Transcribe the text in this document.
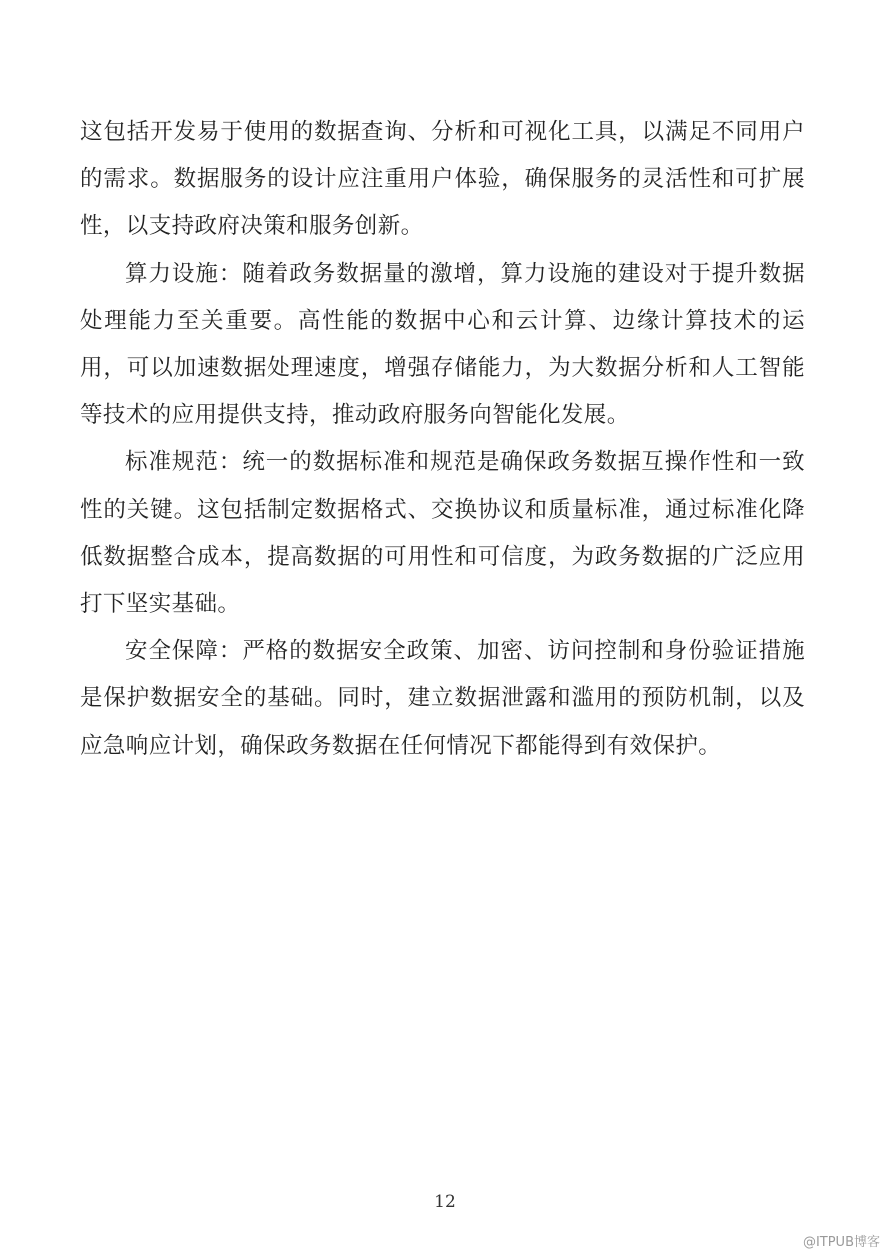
这包括开发易于使用的数据查询、分析和可视化工具，以满足不同用户的需求。数据服务的设计应注重用户体验，确保服务的灵活性和可扩展性，以支持政府决策和服务创新。

算力设施：随着政务数据量的激增，算力设施的建设对于提升数据处理能力至关重要。高性能的数据中心和云计算、边缘计算技术的运用，可以加速数据处理速度，增强存储能力，为大数据分析和人工智能等技术的应用提供支持，推动政府服务向智能化发展。

标准规范：统一的数据标准和规范是确保政务数据互操作性和一致性的关键。这包括制定数据格式、交换协议和质量标准，通过标准化降低数据整合成本，提高数据的可用性和可信度，为政务数据的广泛应用打下坚实基础。

安全保障：严格的数据安全政策、加密、访问控制和身份验证措施是保护数据安全的基础。同时，建立数据泄露和滥用的预防机制，以及应急响应计划，确保政务数据在任何情况下都能得到有效保护。

12
@ITPUB博客
